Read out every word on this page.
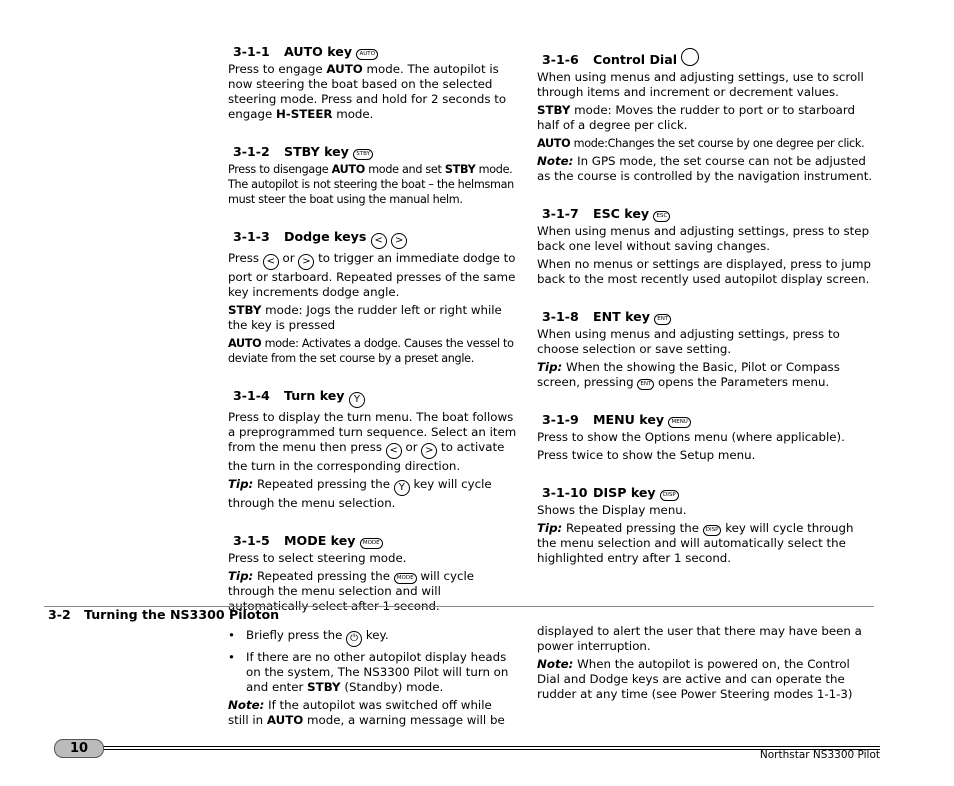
3-1-1 AUTO key AUTO

Press to engage AUTO mode. The autopilot is now steering the boat based on the selected steering mode. Press and hold for 2 seconds to engage H-STEER mode.

3-1-2 STBY key STBY

Press to disengage AUTO mode and set STBY mode. The autopilot is not steering the boat – the helmsman must steer the boat using the manual helm.

3-1-3 Dodge keys < >

Press < or > to trigger an immediate dodge to port or starboard. Repeated presses of the same key increments dodge angle.

STBY mode: Jogs the rudder left or right while the key is pressed

AUTO mode: Activates a dodge. Causes the vessel to deviate from the set course by a preset angle.

3-1-4 Turn key Y

Press to display the turn menu. The boat follows a preprogrammed turn sequence. Select an item from the menu then press < or > to activate the turn in the corresponding direction.

Tip: Repeated pressing the Y key will cycle through the menu selection.

3-1-5 MODE key MODE

Press to select steering mode.

Tip: Repeated pressing the MODE will cycle through the menu selection and will automatically select after 1 second.

3-1-6 Control Dial

When using menus and adjusting settings, use to scroll through items and increment or decrement values.

STBY mode: Moves the rudder to port or to starboard half of a degree per click.

AUTO mode:Changes the set course by one degree per click.

Note: In GPS mode, the set course can not be adjusted as the course is controlled by the navigation instrument.

3-1-7 ESC key ESC

When using menus and adjusting settings, press to step back one level without saving changes.

When no menus or settings are displayed, press to jump back to the most recently used autopilot display screen.

3-1-8 ENT key ENT

When using menus and adjusting settings, press to choose selection or save setting.

Tip: When the showing the Basic, Pilot or Compass screen, pressing ENT opens the Parameters menu.

3-1-9 MENU key MENU

Press to show the Options menu (where applicable).

Press twice to show the Setup menu.

3-1-10 DISP key DISP

Shows the Display menu.

Tip: Repeated pressing the DISP key will cycle through the menu selection and will automatically select the highlighted entry after 1 second.

3-2 Turning the NS3300 Piloton
• Briefly press the ⏻ key.
• If there are no other autopilot display heads on the system, The NS3300 Pilot will turn on and enter STBY (Standby) mode.

Note: If the autopilot was switched off while still in AUTO mode, a warning message will be

displayed to alert the user that there may have been a power interruption.

Note: When the autopilot is powered on, the Control Dial and Dodge keys are active and can operate the rudder at any time (see Power Steering modes 1-1-3)

10	Northstar NS3300 Pilot
